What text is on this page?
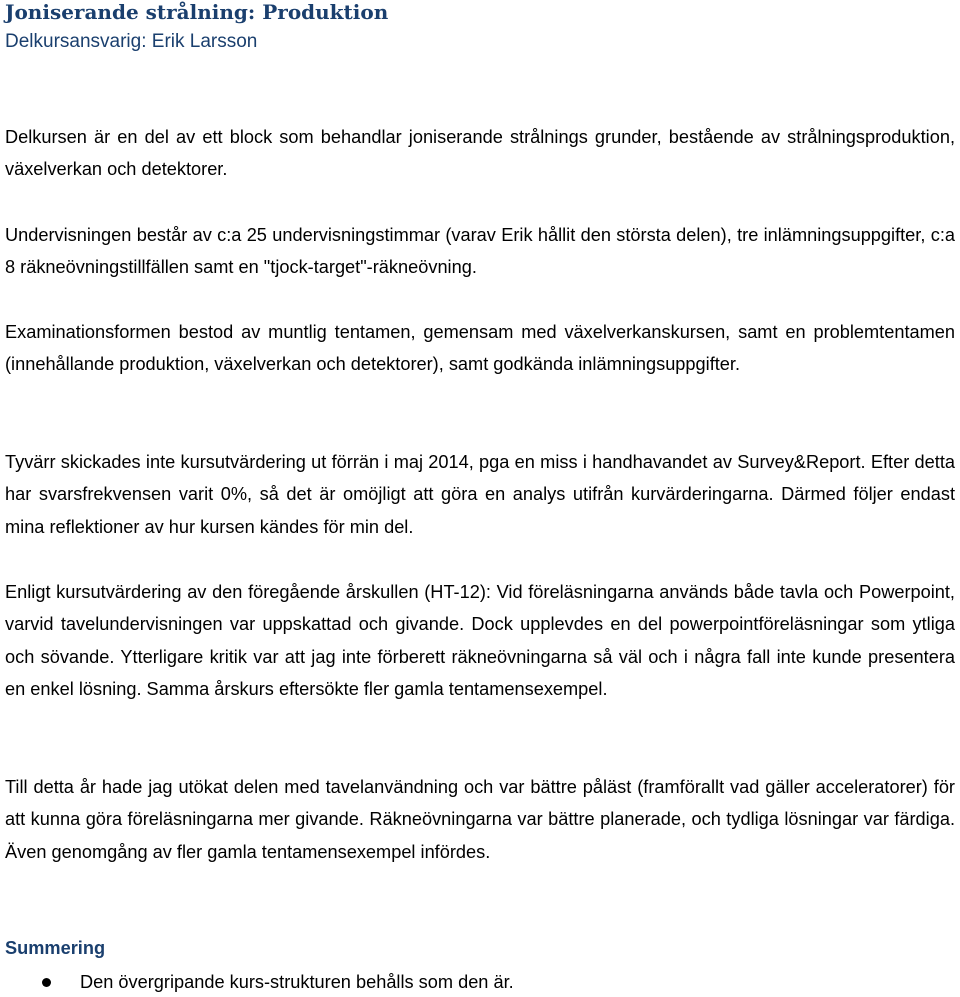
Joniserande strålning: Produktion
Delkursansvarig: Erik Larsson

Delkursen är en del av ett block som behandlar joniserande strålnings grunder, bestående av strålningsproduktion, växelverkan och detektorer.

Undervisningen består av c:a 25 undervisningstimmar (varav Erik hållit den största delen), tre inlämningsuppgifter, c:a 8 räkneövningstillfällen samt en "tjock-target"-räkneövning.

Examinationsformen bestod av muntlig tentamen, gemensam med växelverkanskursen, samt en problemtentamen (innehållande produktion, växelverkan och detektorer), samt godkända inlämningsuppgifter.

Tyvärr skickades inte kursutvärdering ut förrän i maj 2014, pga en miss i handhavandet av Survey&Report. Efter detta har svarsfrekvensen varit 0%, så det är omöjligt att göra en analys utifrån kurvärderingarna. Därmed följer endast mina reflektioner av hur kursen kändes för min del.

Enligt kursutvärdering av den föregående årskullen (HT-12): Vid föreläsningarna används både tavla och Powerpoint, varvid tavelundervisningen var uppskattad och givande. Dock upplevdes en del powerpointföreläsningar som ytliga och sövande. Ytterligare kritik var att jag inte förberett räkneövningarna så väl och i några fall inte kunde presentera en enkel lösning. Samma årskurs eftersökte fler gamla tentamensexempel.

Till detta år hade jag utökat delen med tavelanvändning och var bättre påläst (framförallt vad gäller acceleratorer) för att kunna göra föreläsningarna mer givande. Räkneövningarna var bättre planerade, och tydliga lösningar var färdiga. Även genomgång av fler gamla tentamensexempel infördes.

Summering
Den övergripande kurs-strukturen behålls som den är.
